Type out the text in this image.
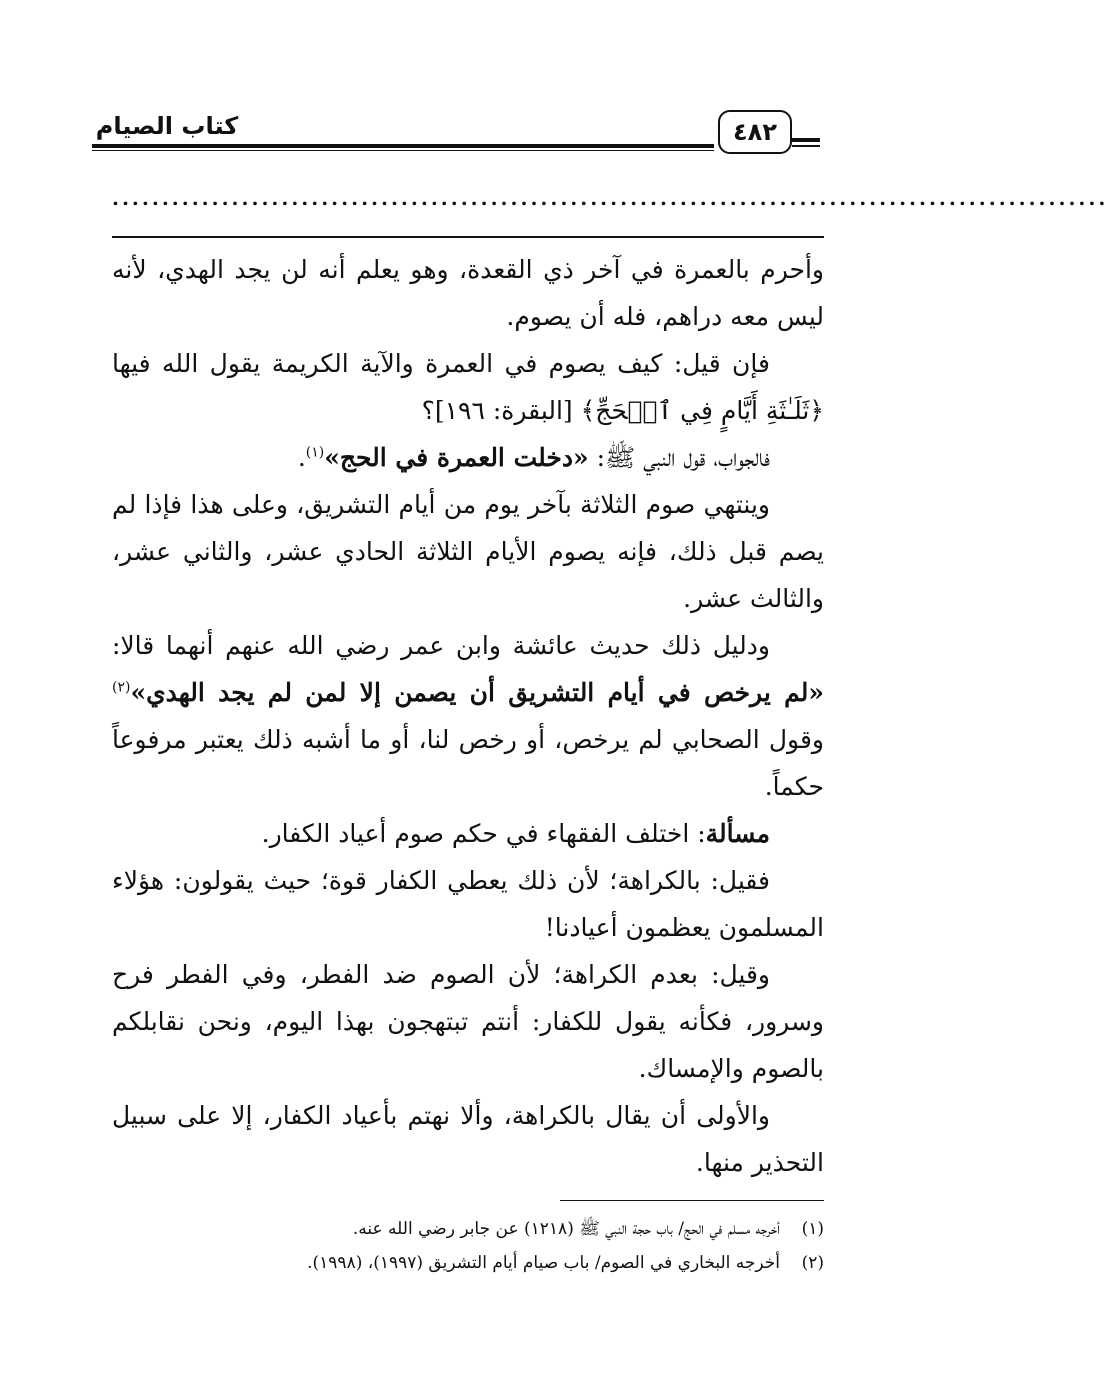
كتاب الصيام	٤٨٢
....................................................................................................

وأحرم بالعمرة في آخر ذي القعدة، وهو يعلم أنه لن يجد الهدي، لأنه ليس معه دراهم، فله أن يصوم.

فإن قيل: كيف يصوم في العمرة والآية الكريمة يقول الله فيها ﴿ثَلَـٰثَةِ أَيَّامٍ فِي ٱلۡحَجِّ﴾ [البقرة: ١٩٦]؟

فالجواب، قول النبي ﷺ: «دخلت العمرة في الحج»$^{(١)}$.

وينتهي صوم الثلاثة بآخر يوم من أيام التشريق، وعلى هذا فإذا لم يصم قبل ذلك، فإنه يصوم الأيام الثلاثة الحادي عشر، والثاني عشر، والثالث عشر.

ودليل ذلك حديث عائشة وابن عمر رضي الله عنهم أنهما قالا: «لم يرخص في أيام التشريق أن يصمن إلا لمن لم يجد الهدي»$^{(٢)}$ وقول الصحابي لم يرخص، أو رخص لنا، أو ما أشبه ذلك يعتبر مرفوعاً حكماً.

مسألة: اختلف الفقهاء في حكم صوم أعياد الكفار.

فقيل: بالكراهة؛ لأن ذلك يعطي الكفار قوة؛ حيث يقولون: هؤلاء المسلمون يعظمون أعيادنا!

وقيل: بعدم الكراهة؛ لأن الصوم ضد الفطر، وفي الفطر فرح وسرور، فكأنه يقول للكفار: أنتم تبتهجون بهذا اليوم، ونحن نقابلكم بالصوم والإمساك.

والأولى أن يقال بالكراهة، وألا نهتم بأعياد الكفار، إلا على سبيل التحذير منها.

(١)أخرجه مسلم في الحج/ باب حجة النبي ﷺ (١٢١٨) عن جابر رضي الله عنه.
(٢)أخرجه البخاري في الصوم/ باب صيام أيام التشريق (١٩٩٧)، (١٩٩٨).
